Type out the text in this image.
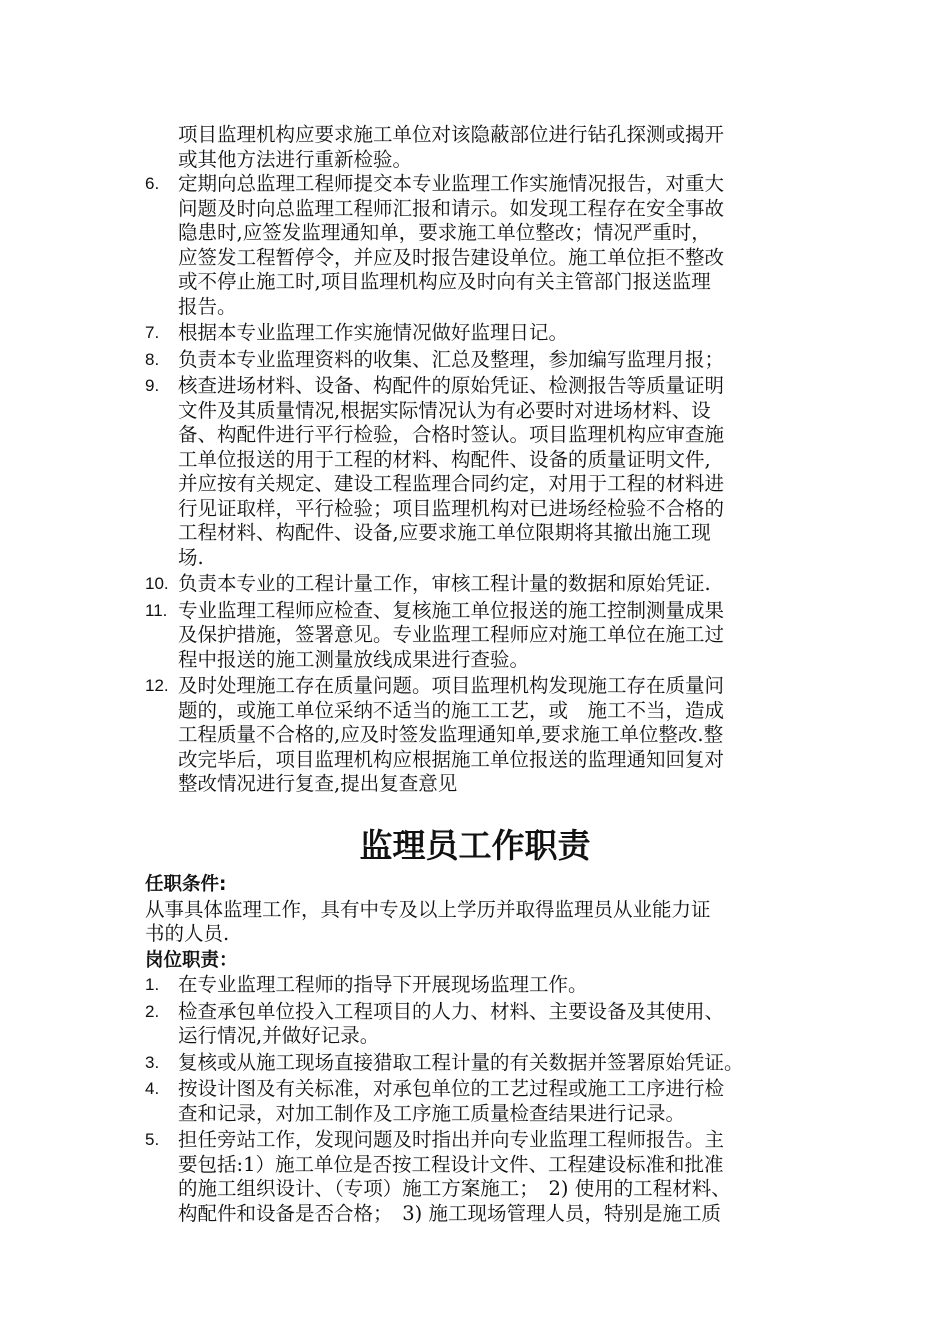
项目监理机构应要求施工单位对该隐蔽部位进行钻孔探测或揭开
或其他方法进行重新检验。
6. 定期向总监理工程师提交本专业监理工作实施情况报告，对重大
问题及时向总监理工程师汇报和请示。如发现工程存在安全事故
隐患时,应签发监理通知单，要求施工单位整改；情况严重时，
应签发工程暂停令，并应及时报告建设单位。施工单位拒不整改
或不停止施工时,项目监理机构应及时向有关主管部门报送监理
报告。
7. 根据本专业监理工作实施情况做好监理日记。
8. 负责本专业监理资料的收集、汇总及整理，参加编写监理月报；
9. 核查进场材料、设备、构配件的原始凭证、检测报告等质量证明
文件及其质量情况,根据实际情况认为有必要时对进场材料、设
备、构配件进行平行检验，合格时签认。项目监理机构应审查施
工单位报送的用于工程的材料、构配件、设备的质量证明文件,
并应按有关规定、建设工程监理合同约定，对用于工程的材料进
行见证取样，平行检验；项目监理机构对已进场经检验不合格的
工程材料、构配件、设备,应要求施工单位限期将其撤出施工现
场.
10. 负责本专业的工程计量工作，审核工程计量的数据和原始凭证.
11. 专业监理工程师应检查、复核施工单位报送的施工控制测量成果
及保护措施，签署意见。专业监理工程师应对施工单位在施工过
程中报送的施工测量放线成果进行查验。
12. 及时处理施工存在质量问题。项目监理机构发现施工存在质量问
题的，或施工单位采纳不适当的施工工艺，或　施工不当，造成
工程质量不合格的,应及时签发监理通知单,要求施工单位整改.整
改完毕后，项目监理机构应根据施工单位报送的监理通知回复对
整改情况进行复查,提出复查意见
监理员工作职责
任职条件:
从事具体监理工作，具有中专及以上学历并取得监理员从业能力证
书的人员.
岗位职责：
1. 在专业监理工程师的指导下开展现场监理工作。
2. 检查承包单位投入工程项目的人力、材料、主要设备及其使用、
运行情况,并做好记录。
3. 复核或从施工现场直接猎取工程计量的有关数据并签署原始凭证。
4. 按设计图及有关标准，对承包单位的工艺过程或施工工序进行检
查和记录，对加工制作及工序施工质量检查结果进行记录。
5. 担任旁站工作，发现问题及时指出并向专业监理工程师报告。主
要包括:1）施工单位是否按工程设计文件、工程建设标准和批准
的施工组织设计、（专项）施工方案施工；　2) 使用的工程材料、
构配件和设备是否合格；　3) 施工现场管理人员，特别是施工质
